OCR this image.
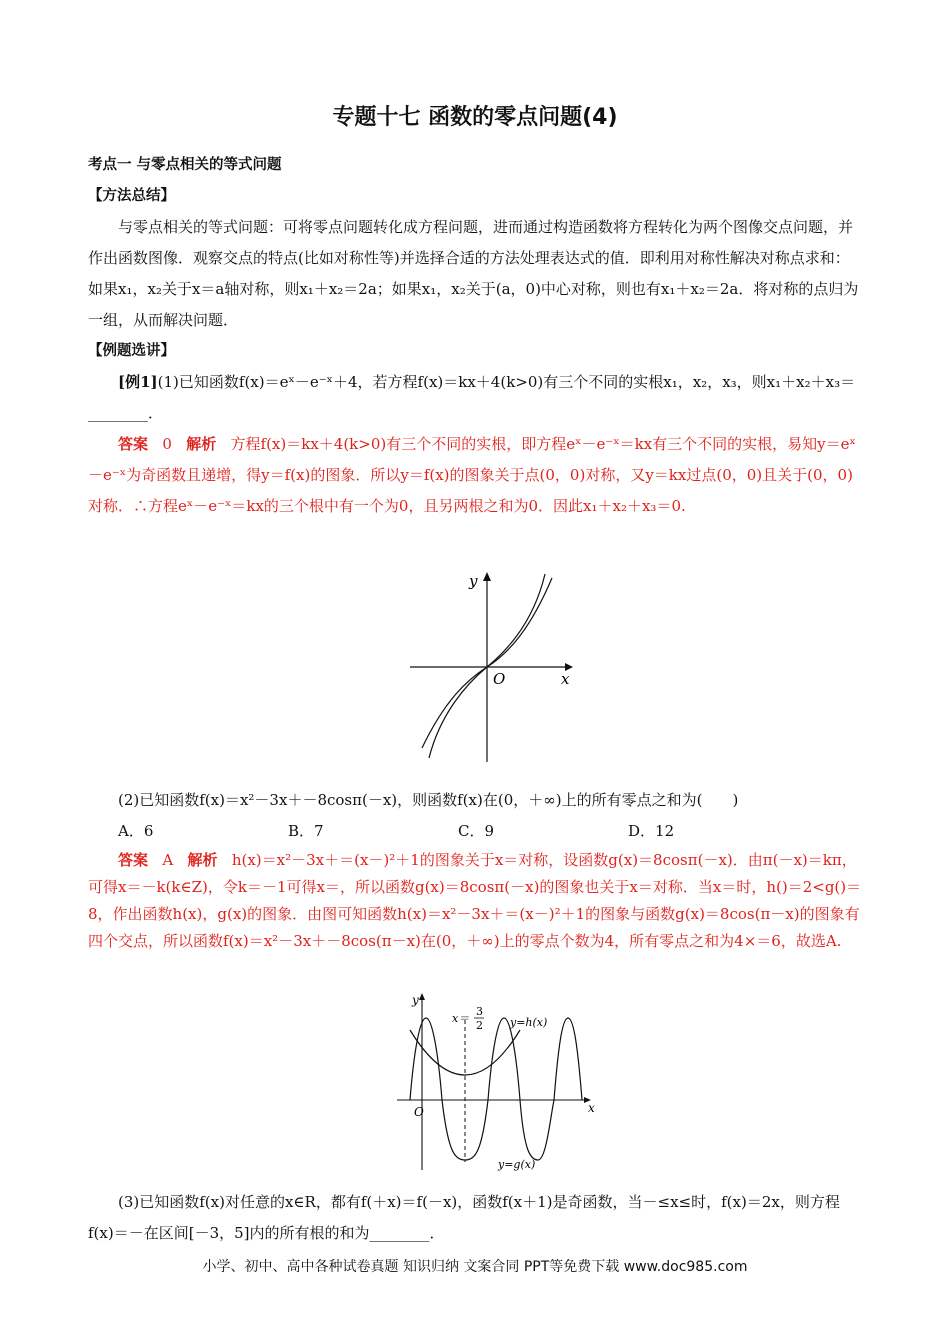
专题十七 函数的零点问题(4)

考点一 与零点相关的等式问题

【方法总结】

与零点相关的等式问题：可将零点问题转化成方程问题，进而通过构造函数将方程转化为两个图像交点问题，并作出函数图像．观察交点的特点(比如对称性等)并选择合适的方法处理表达式的值．即利用对称性解决对称点求和：如果x₁，x₂关于x＝a轴对称，则x₁＋x₂＝2a；如果x₁，x₂关于(a，0)中心对称，则也有x₁＋x₂＝2a．将对称的点归为一组，从而解决问题．

【例题选讲】

[例1](1)已知函数f(x)＝eˣ－e⁻ˣ＋4，若方程f(x)＝kx＋4(k>0)有三个不同的实根x₁，x₂，x₃，则x₁＋x₂＋x₃＝________．

答案 0 解析 方程f(x)＝kx＋4(k>0)有三个不同的实根，即方程eˣ－e⁻ˣ＝kx有三个不同的实根，易知y＝eˣ－e⁻ˣ为奇函数且递增，得y＝f(x)的图象．所以y＝f(x)的图象关于点(0，0)对称，又y＝kx过点(0，0)且关于(0，0)对称．∴方程eˣ－e⁻ˣ＝kx的三个根中有一个为0，且另两根之和为0．因此x₁＋x₂＋x₃＝0.

y
x
O

(2)已知函数f(x)＝x²－3x＋－8cosπ(－x)，则函数f(x)在(0，＋∞)上的所有零点之和为(　　)

A．6	B．7	C．9	D．12

答案 A 解析 h(x)＝x²－3x＋＝(x－)²＋1的图象关于x＝对称，设函数g(x)＝8cosπ(－x)．由π(－x)＝kπ，可得x＝－k(k∈Z)，令k＝－1可得x＝，所以函数g(x)＝8cosπ(－x)的图象也关于x＝对称．当x＝时，h()＝2<g()＝8，作出函数h(x)，g(x)的图象．由图可知函数h(x)＝x²－3x＋＝(x－)²＋1的图象与函数g(x)＝8cos(π－x)的图象有四个交点，所以函数f(x)＝x²－3x＋－8cos(π－x)在(0，＋∞)上的零点个数为4，所有零点之和为4×＝6，故选A.

y
x
O
x＝
3
2 y=h(x)
y=g(x)

(3)已知函数f(x)对任意的x∈R，都有f(＋x)＝f(－x)，函数f(x＋1)是奇函数，当－≤x≤时，f(x)＝2x，则方程f(x)＝－在区间[－3，5]内的所有根的和为________．

小学、初中、高中各种试卷真题 知识归纳 文案合同 PPT等免费下载 www.doc985.com
